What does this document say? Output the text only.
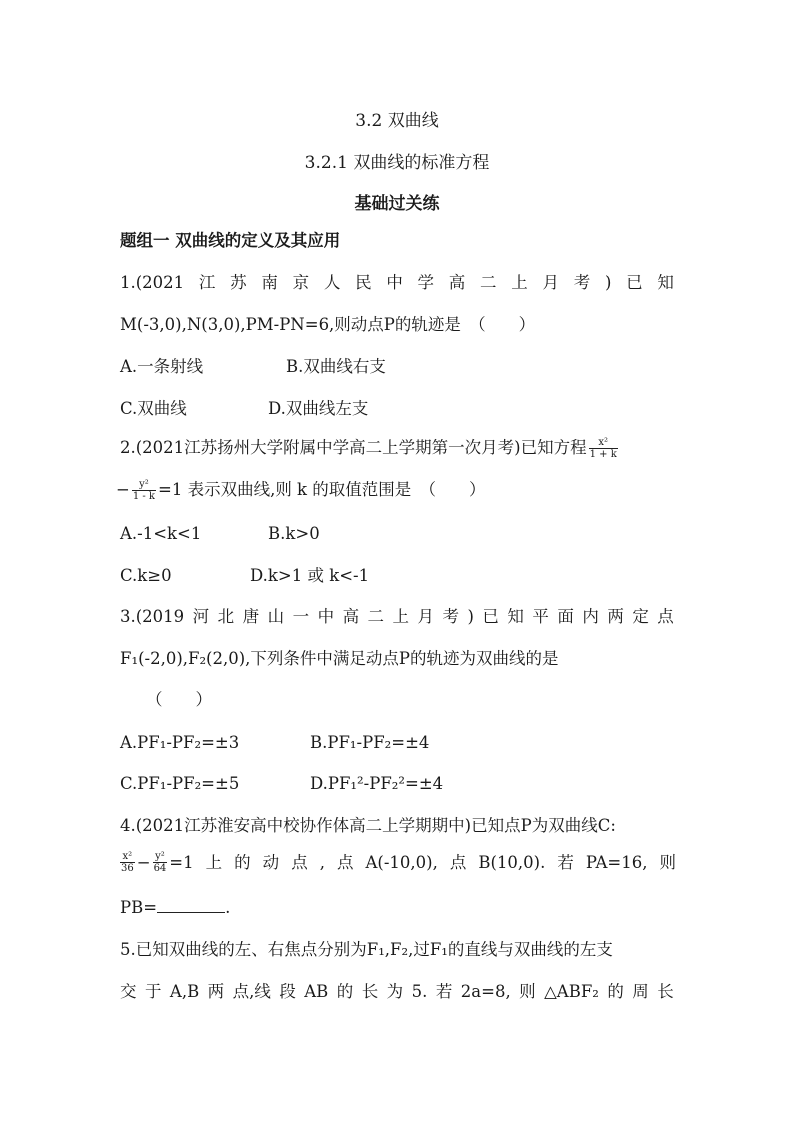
3.2 双曲线
3.2.1 双曲线的标准方程
基础过关练
题组一 双曲线的定义及其应用
1.(2021 江 苏 南 京 人 民 中 学 高 二 上 月 考 ) 已 知
M(-3,0),N(3,0),PM-PN=6,则动点P的轨迹是　（　　）
A.一条射线	B.双曲线右支
C.双曲线	D.双曲线左支
2.(2021江苏扬州大学附属中学高二上学期第一次月考)已知方程 $\frac{\text{x²}}{1 + k}$
− $\frac{\text{y²}}{1 - k} =1$ 表示双曲线,则 k 的取值范围是　（　　）
A.-1<k<1	B.k>0
C.k≥0	D.k>1 或 k<-1
3.(2019 河 北 唐 山 一 中 高 二 上 月 考 ) 已 知 平 面 内 两 定 点
F₁(-2,0),F₂(2,0),下列条件中满足动点P的轨迹为双曲线的是
（　　）
A.PF₁-PF₂=±3	B.PF₁-PF₂=±4
C.PF₁-PF₂=±5	D.PF₁²-PF₂²=±4
4.(2021江苏淮安高中校协作体高二上学期期中)已知点P为双曲线C:
$\frac{\text{x²}}{36} - \frac{\text{y²}}{64} =1$ 上 的 动 点 , 点 A(-10,0), 点 B(10,0). 若 PA=16, 则
PB=	.
5.已知双曲线的左、右焦点分别为F₁,F₂,过F₁的直线与双曲线的左支
交 于 A,B 两 点,线 段 AB 的 长 为 5. 若 2a=8, 则 △ABF₂ 的 周 长
